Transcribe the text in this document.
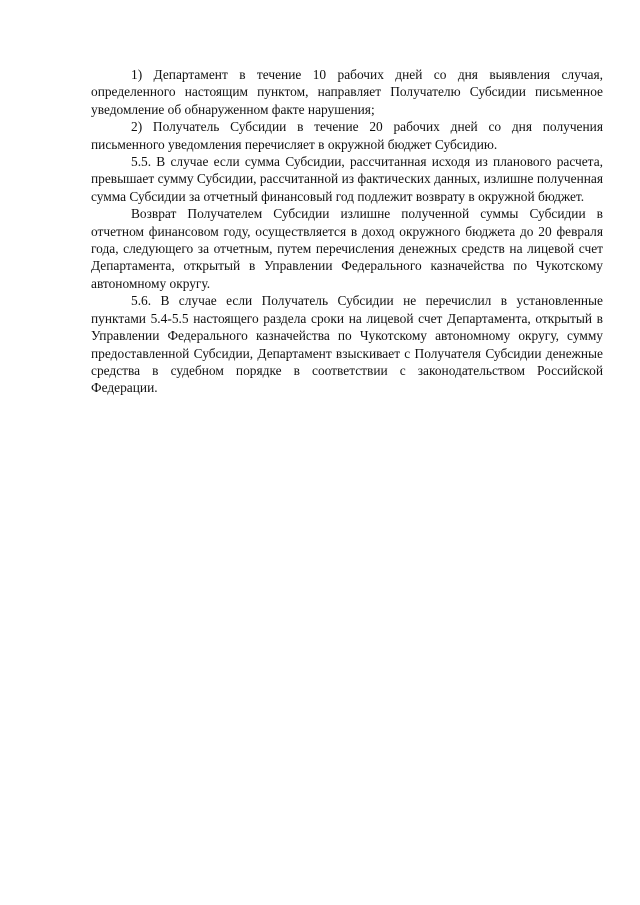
1) Департамент в течение 10 рабочих дней со дня выявления случая, определенного настоящим пунктом, направляет Получателю Субсидии письменное уведомление об обнаруженном факте нарушения;

2) Получатель Субсидии в течение 20 рабочих дней со дня получения письменного уведомления перечисляет в окружной бюджет Субсидию.

5.5. В случае если сумма Субсидии, рассчитанная исходя из планового расчета, превышает сумму Субсидии, рассчитанной из фактических данных, излишне полученная сумма Субсидии за отчетный финансовый год подлежит возврату в окружной бюджет.

Возврат Получателем Субсидии излишне полученной суммы Субсидии в отчетном финансовом году, осуществляется в доход окружного бюджета до 20 февраля года, следующего за отчетным, путем перечисления денежных средств на лицевой счет Департамента, открытый в Управлении Федерального казначейства по Чукотскому автономному округу.

5.6. В случае если Получатель Субсидии не перечислил в установленные пунктами 5.4-5.5 настоящего раздела сроки на лицевой счет Департамента, открытый в Управлении Федерального казначейства по Чукотскому автономному округу, сумму предоставленной Субсидии, Департамент взыскивает с Получателя Субсидии денежные средства в судебном порядке в соответствии с законодательством Российской Федерации.
